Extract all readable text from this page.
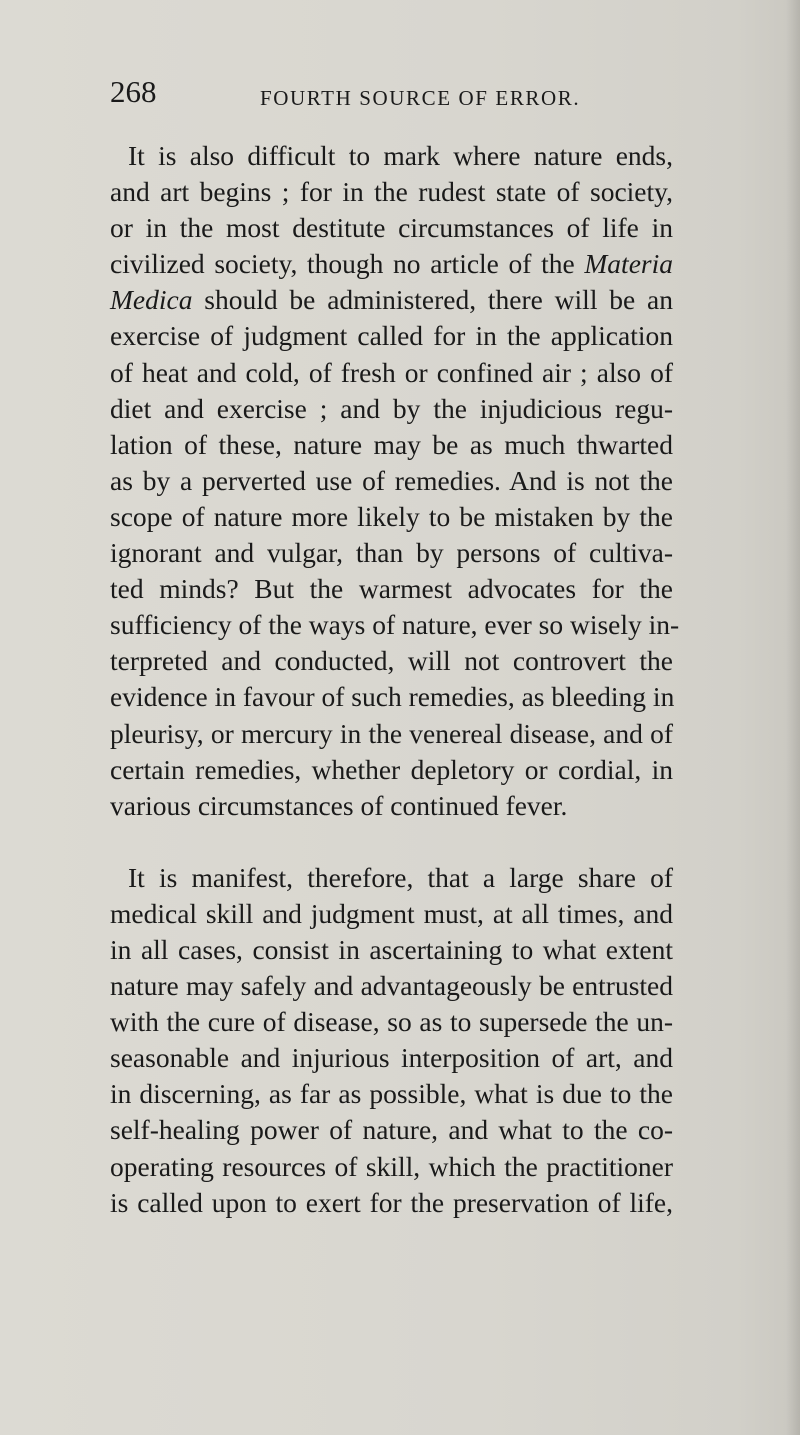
268	FOURTH SOURCE OF ERROR.
It is also difficult to mark where nature ends,
and art begins ; for in the rudest state of society,
or in the most destitute circumstances of life in
civilized society, though no article of the Materia
Medica should be administered, there will be an
exercise of judgment called for in the application
of heat and cold, of fresh or confined air ; also of
diet and exercise ; and by the injudicious regu-
lation of these, nature may be as much thwarted
as by a perverted use of remedies. And is not the
scope of nature more likely to be mistaken by the
ignorant and vulgar, than by persons of cultiva-
ted minds? But the warmest advocates for the
sufficiency of the ways of nature, ever so wisely in-
terpreted and conducted, will not controvert the
evidence in favour of such remedies, as bleeding in
pleurisy, or mercury in the venereal disease, and of
certain remedies, whether depletory or cordial, in
various circumstances of continued fever.
It is manifest, therefore, that a large share of
medical skill and judgment must, at all times, and
in all cases, consist in ascertaining to what extent
nature may safely and advantageously be entrusted
with the cure of disease, so as to supersede the un-
seasonable and injurious interposition of art, and
in discerning, as far as possible, what is due to the
self-healing power of nature, and what to the co-
operating resources of skill, which the practitioner
is called upon to exert for the preservation of life,
